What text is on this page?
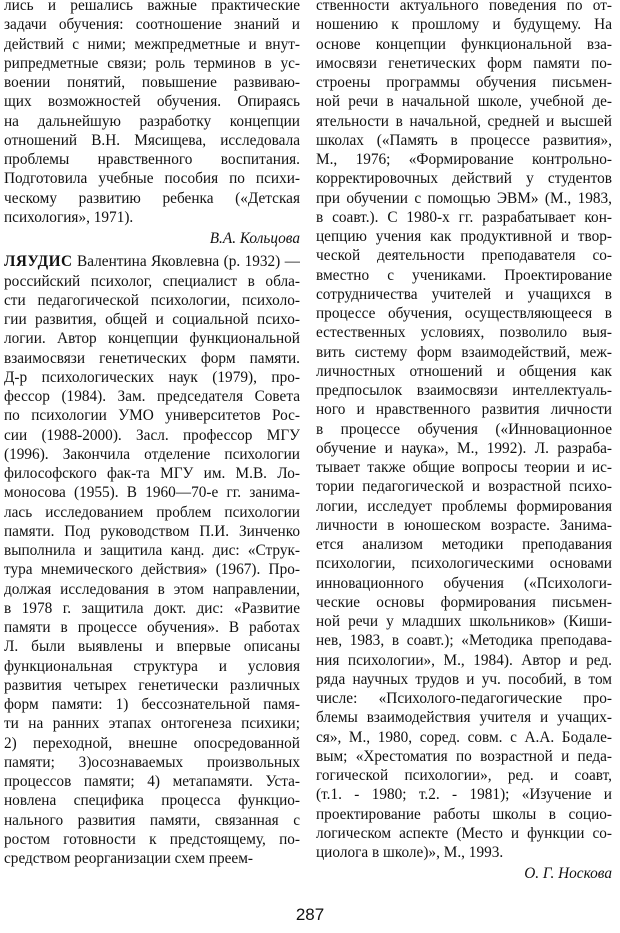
лись и решались важные практические
задачи обучения: соотношение знаний и
действий с ними; межпредметные и внут-
рипредметные связи; роль терминов в ус-
воении понятий, повышение развиваю-
щих возможностей обучения. Опираясь
на дальнейшую разработку концепции
отношений В.Н. Мясищева, исследовала
проблемы нравственного воспитания.
Подготовила учебные пособия по психи-
ческому развитию ребенка («Детская
психология», 1971).
В.А. Кольцова
ЛЯУДИС Валентина Яковлевна (р. 1932) —
российский психолог, специалист в обла-
сти педагогической психологии, психоло-
гии развития, общей и социальной психо-
логии. Автор концепции функциональной
взаимосвязи генетических форм памяти.
Д-р психологических наук (1979), про-
фессор (1984). Зам. председателя Совета
по психологии УМО университетов Рос-
сии (1988-2000). Засл. профессор МГУ
(1996). Закончила отделение психологии
философского фак-та МГУ им. М.В. Ло-
моносова (1955). В 1960—70-е гг. занима-
лась исследованием проблем психологии
памяти. Под руководством П.И. Зинченко
выполнила и защитила канд. дис: «Струк-
тура мнемического действия» (1967). Про-
должая исследования в этом направлении,
в 1978 г. защитила докт. дис: «Развитие
памяти в процессе обучения». В работах
Л. были выявлены и впервые описаны
функциональная структура и условия
развития четырех генетически различных
форм памяти: 1) бессознательной памя-
ти на ранних этапах онтогенеза психики;
2) переходной, внешне опосредованной
памяти; 3)осознаваемых произвольных
процессов памяти; 4) метапамяти. Уста-
новлена специфика процесса функцио-
нального развития памяти, связанная с
ростом готовности к предстоящему, по-
средством реорганизации схем преем-
ственности актуального поведения по от-
ношению к прошлому и будущему. На
основе концепции функциональной вза-
имосвязи генетических форм памяти по-
строены программы обучения письмен-
ной речи в начальной школе, учебной де-
ятельности в начальной, средней и высшей
школах («Память в процессе развития»,
М., 1976; «Формирование контрольно-
корректировочных действий у студентов
при обучении с помощью ЭВМ» (М., 1983,
в соавт.). С 1980-х гг. разрабатывает кон-
цепцию учения как продуктивной и твор-
ческой деятельности преподавателя со-
вместно с учениками. Проектирование
сотрудничества учителей и учащихся в
процессе обучения, осуществляющееся в
естественных условиях, позволило выя-
вить систему форм взаимодействий, меж-
личностных отношений и общения как
предпосылок взаимосвязи интеллектуаль-
ного и нравственного развития личности
в процессе обучения («Инновационное
обучение и наука», М., 1992). Л. разраба-
тывает также общие вопросы теории и ис-
тории педагогической и возрастной психо-
логии, исследует проблемы формирования
личности в юношеском возрасте. Занима-
ется анализом методики преподавания
психологии, психологическими основами
инновационного обучения («Психологи-
ческие основы формирования письмен-
ной речи у младших школьников» (Киши-
нев, 1983, в соавт.); «Методика преподава-
ния психологии», М., 1984). Автор и ред.
ряда научных трудов и уч. пособий, в том
числе: «Психолого-педагогические про-
блемы взаимодействия учителя и учащих-
ся», М., 1980, соред. совм. с А.А. Бодале-
вым; «Хрестоматия по возрастной и педа-
гогической психологии», ред. и соавт,
(т.1. - 1980; т.2. - 1981); «Изучение и
проектирование работы школы в социо-
логическом аспекте (Место и функции со-
циолога в школе)», М., 1993.
О. Г. Носкова
287
